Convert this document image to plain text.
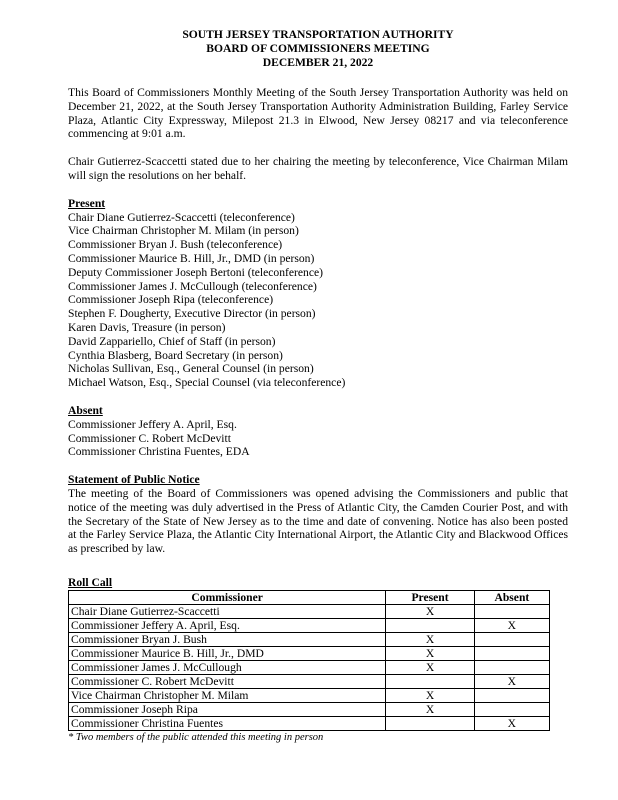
SOUTH JERSEY TRANSPORTATION AUTHORITY
BOARD OF COMMISSIONERS MEETING
DECEMBER 21, 2022

This Board of Commissioners Monthly Meeting of the South Jersey Transportation Authority was held on December 21, 2022, at the South Jersey Transportation Authority Administration Building, Farley Service Plaza, Atlantic City Expressway, Milepost 21.3 in Elwood, New Jersey 08217 and via teleconference commencing at 9:01 a.m.

Chair Gutierrez-Scaccetti stated due to her chairing the meeting by teleconference, Vice Chairman Milam will sign the resolutions on her behalf.

Present
Chair Diane Gutierrez-Scaccetti (teleconference)
Vice Chairman Christopher M. Milam (in person)
Commissioner Bryan J. Bush (teleconference)
Commissioner Maurice B. Hill, Jr., DMD (in person)
Deputy Commissioner Joseph Bertoni (teleconference)
Commissioner James J. McCullough (teleconference)
Commissioner Joseph Ripa (teleconference)
Stephen F. Dougherty, Executive Director (in person)
Karen Davis, Treasure (in person)
David Zappariello, Chief of Staff (in person)
Cynthia Blasberg, Board Secretary (in person)
Nicholas Sullivan, Esq., General Counsel (in person)
Michael Watson, Esq., Special Counsel (via teleconference)
Absent
Commissioner Jeffery A. April, Esq.
Commissioner C. Robert McDevitt
Commissioner Christina Fuentes, EDA
Statement of Public Notice

The meeting of the Board of Commissioners was opened advising the Commissioners and public that notice of the meeting was duly advertised in the Press of Atlantic City, the Camden Courier Post, and with the Secretary of the State of New Jersey as to the time and date of convening. Notice has also been posted at the Farley Service Plaza, the Atlantic City International Airport, the Atlantic City and Blackwood Offices as prescribed by law.

Roll Call
Commissioner	Present	Absent
Chair Diane Gutierrez-Scaccetti	X	
Commissioner Jeffery A. April, Esq.		X
Commissioner Bryan J. Bush	X	
Commissioner Maurice B. Hill, Jr., DMD	X	
Commissioner James J. McCullough	X	
Commissioner C. Robert McDevitt		X
Vice Chairman Christopher M. Milam	X	
Commissioner Joseph Ripa	X	
Commissioner Christina Fuentes		X
* Two members of the public attended this meeting in person
